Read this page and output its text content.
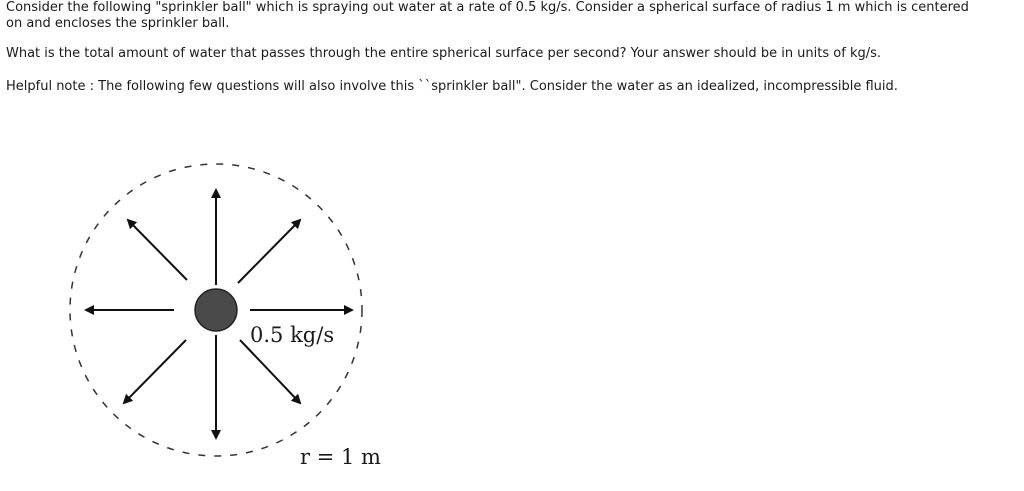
Consider the following "sprinkler ball" which is spraying out water at a rate of 0.5 kg/s. Consider a spherical surface of radius 1 m which is centered

on and encloses the sprinkler ball.

What is the total amount of water that passes through the entire spherical surface per second? Your answer should be in units of kg/s.

Helpful note : The following few questions will also involve this ``sprinkler ball". Consider the water as an idealized, incompressible fluid.

0.5 kg/s
r = 1 m
